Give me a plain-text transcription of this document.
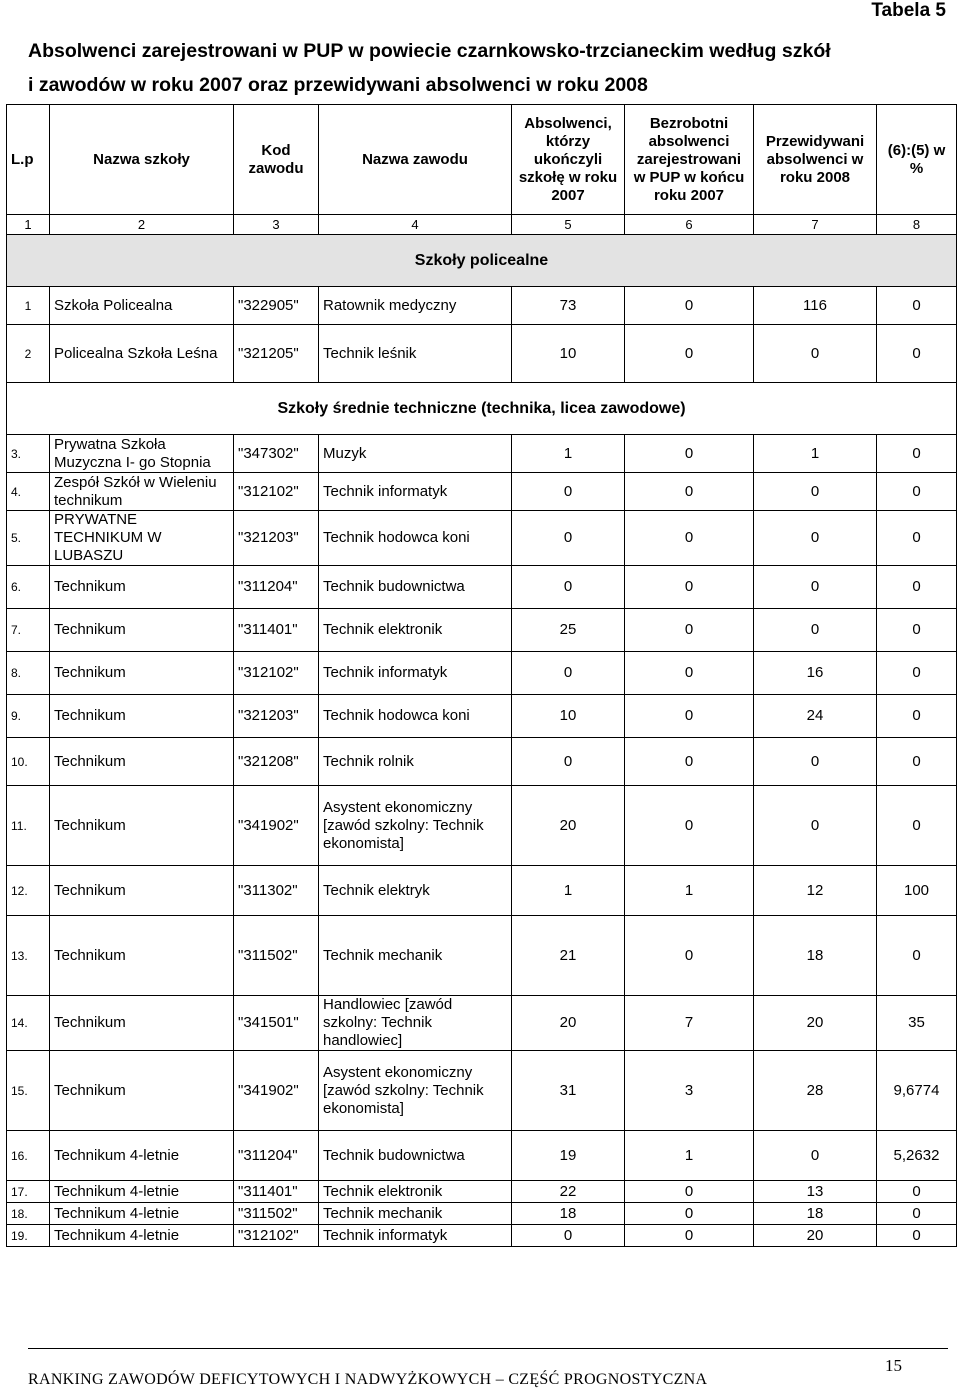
Tabela 5
Absolwenci zarejestrowani w PUP w powiecie czarnkowsko-trzcianeckim według szkół
i zawodów w roku 2007 oraz przewidywani absolwenci w roku 2008
L.p	Nazwa szkoły	Kod zawodu	Nazwa zawodu	Absolwenci, którzy ukończyli szkołę w roku 2007	Bezrobotni absolwenci zarejestrowani w PUP w końcu roku 2007	Przewidywani absolwenci w roku 2008	(6):(5) w %
1	2	3	4	5	6	7	8
Szkoły policealne							
1	Szkoła Policealna	"322905"	Ratownik medyczny	73	0	116	0
2	Policealna Szkoła Leśna	"321205"	Technik leśnik	10	0	0	0
Szkoły średnie techniczne (technika, licea zawodowe)							
3.	Prywatna Szkoła Muzyczna I- go Stopnia	"347302"	Muzyk	1	0	1	0
4.	Zespół Szkół w Wieleniu technikum	"312102"	Technik informatyk	0	0	0	0
5.	PRYWATNE TECHNIKUM W LUBASZU	"321203"	Technik hodowca koni	0	0	0	0
6.	Technikum	"311204"	Technik budownictwa	0	0	0	0
7.	Technikum	"311401"	Technik elektronik	25	0	0	0
8.	Technikum	"312102"	Technik informatyk	0	0	16	0
9.	Technikum	"321203"	Technik hodowca koni	10	0	24	0
10.	Technikum	"321208"	Technik rolnik	0	0	0	0
11.	Technikum	"341902"	Asystent ekonomiczny [zawód szkolny: Technik ekonomista]	20	0	0	0
12.	Technikum	"311302"	Technik elektryk	1	1	12	100
13.	Technikum	"311502"	Technik mechanik	21	0	18	0
14.	Technikum	"341501"	Handlowiec [zawód szkolny: Technik handlowiec]	20	7	20	35
15.	Technikum	"341902"	Asystent ekonomiczny [zawód szkolny: Technik ekonomista]	31	3	28	9,6774
16.	Technikum 4-letnie	"311204"	Technik budownictwa	19	1	0	5,2632
17.	Technikum 4-letnie	"311401"	Technik elektronik	22	0	13	0
18.	Technikum 4-letnie	"311502"	Technik mechanik	18	0	18	0
19.	Technikum 4-letnie	"312102"	Technik informatyk	0	0	20	0
15
RANKING ZAWODÓW DEFICYTOWYCH I NADWYŻKOWYCH – CZĘŚĆ PROGNOSTYCZNA
